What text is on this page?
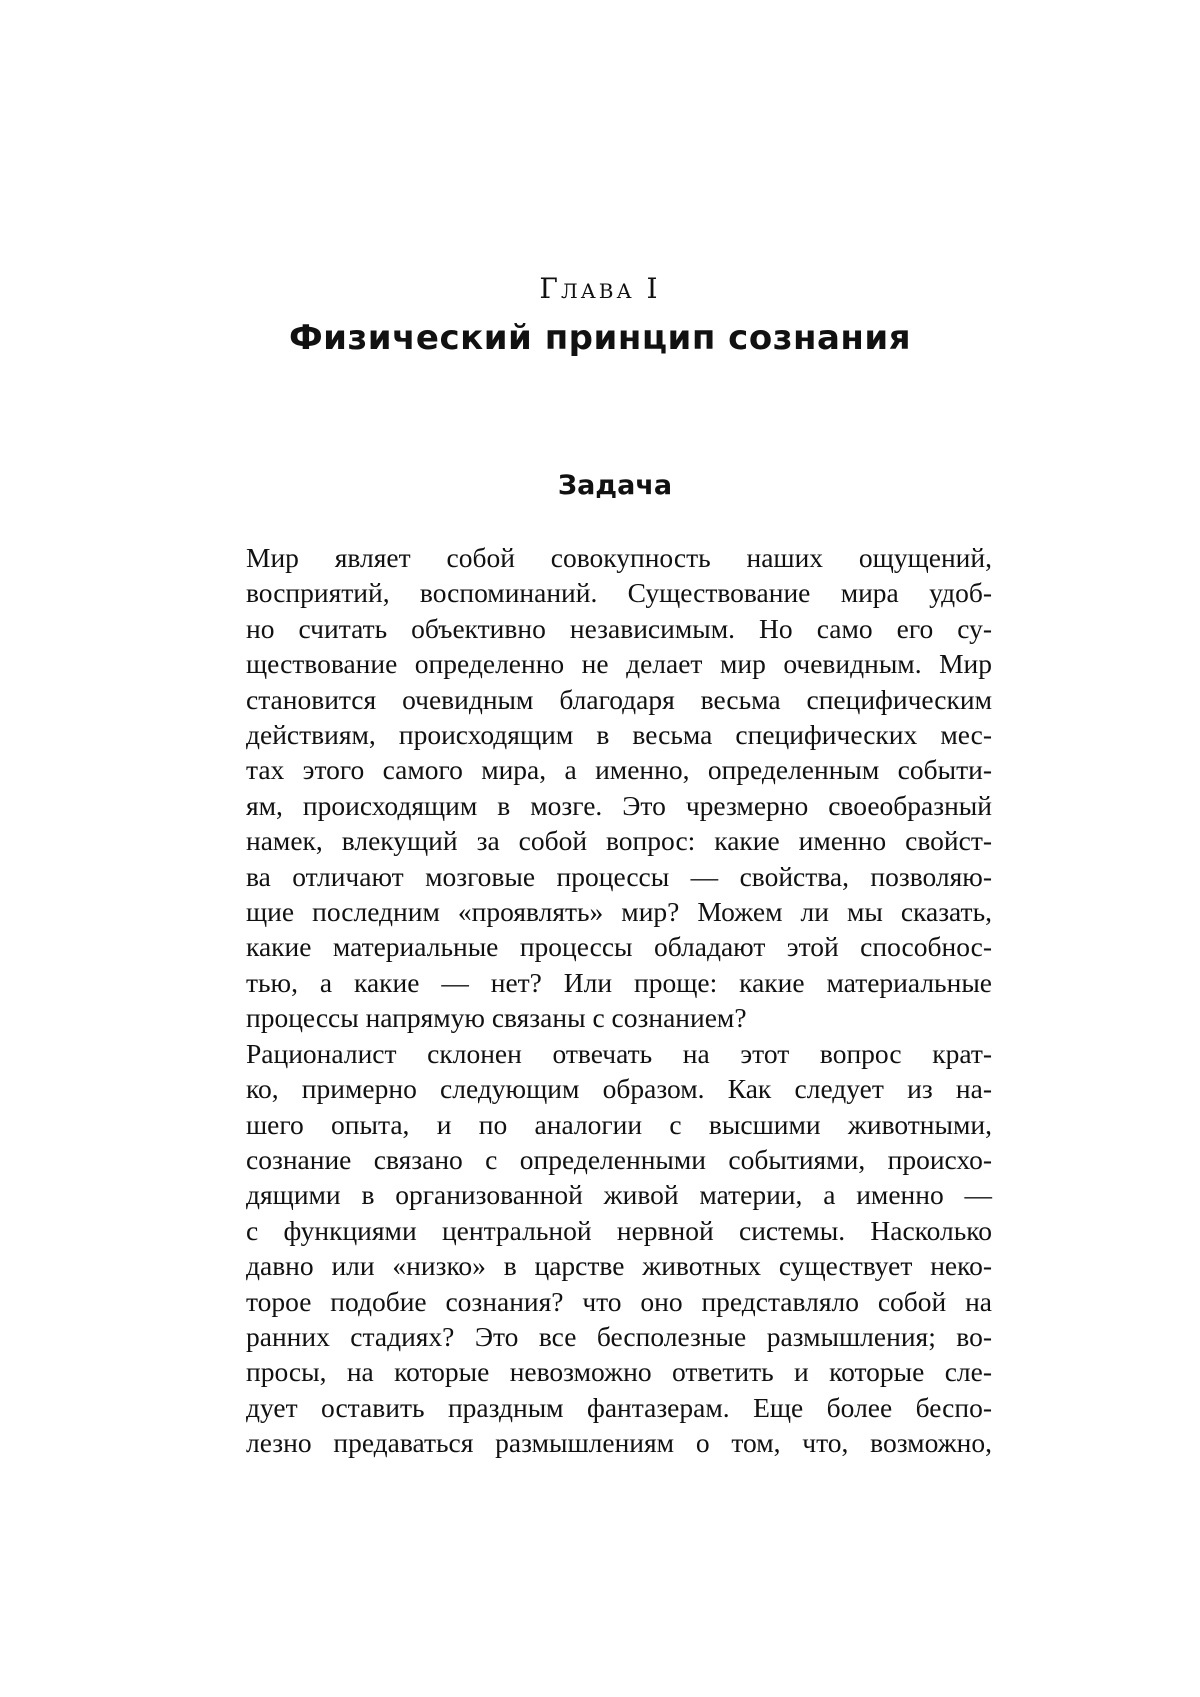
Глава I
Физический принцип сознания
Задача

Мир являет собой совокупность наших ощущений,
восприятий, воспоминаний. Существование мира удоб-
но считать объективно независимым. Но само его су-
ществование определенно не делает мир очевидным. Мир
становится очевидным благодаря весьма специфическим
действиям, происходящим в весьма специфических мес-
тах этого самого мира, а именно, определенным событи-
ям, происходящим в мозге. Это чрезмерно своеобразный
намек, влекущий за собой вопрос: какие именно свойст-
ва отличают мозговые процессы — свойства, позволяю-
щие последним «проявлять» мир? Можем ли мы сказать,
какие материальные процессы обладают этой способнос-
тью, а какие — нет? Или проще: какие материальные
процессы напрямую связаны с сознанием?

Рационалист склонен отвечать на этот вопрос крат-
ко, примерно следующим образом. Как следует из на-
шего опыта, и по аналогии с высшими животными,
сознание связано с определенными событиями, происхо-
дящими в организованной живой материи, а именно —
с функциями центральной нервной системы. Насколько
давно или «низко» в царстве животных существует неко-
торое подобие сознания? что оно представляло собой на
ранних стадиях? Это все бесполезные размышления; во-
просы, на которые невозможно ответить и которые сле-
дует оставить праздным фантазерам. Еще более беспо-
лезно предаваться размышлениям о том, что, возможно,
